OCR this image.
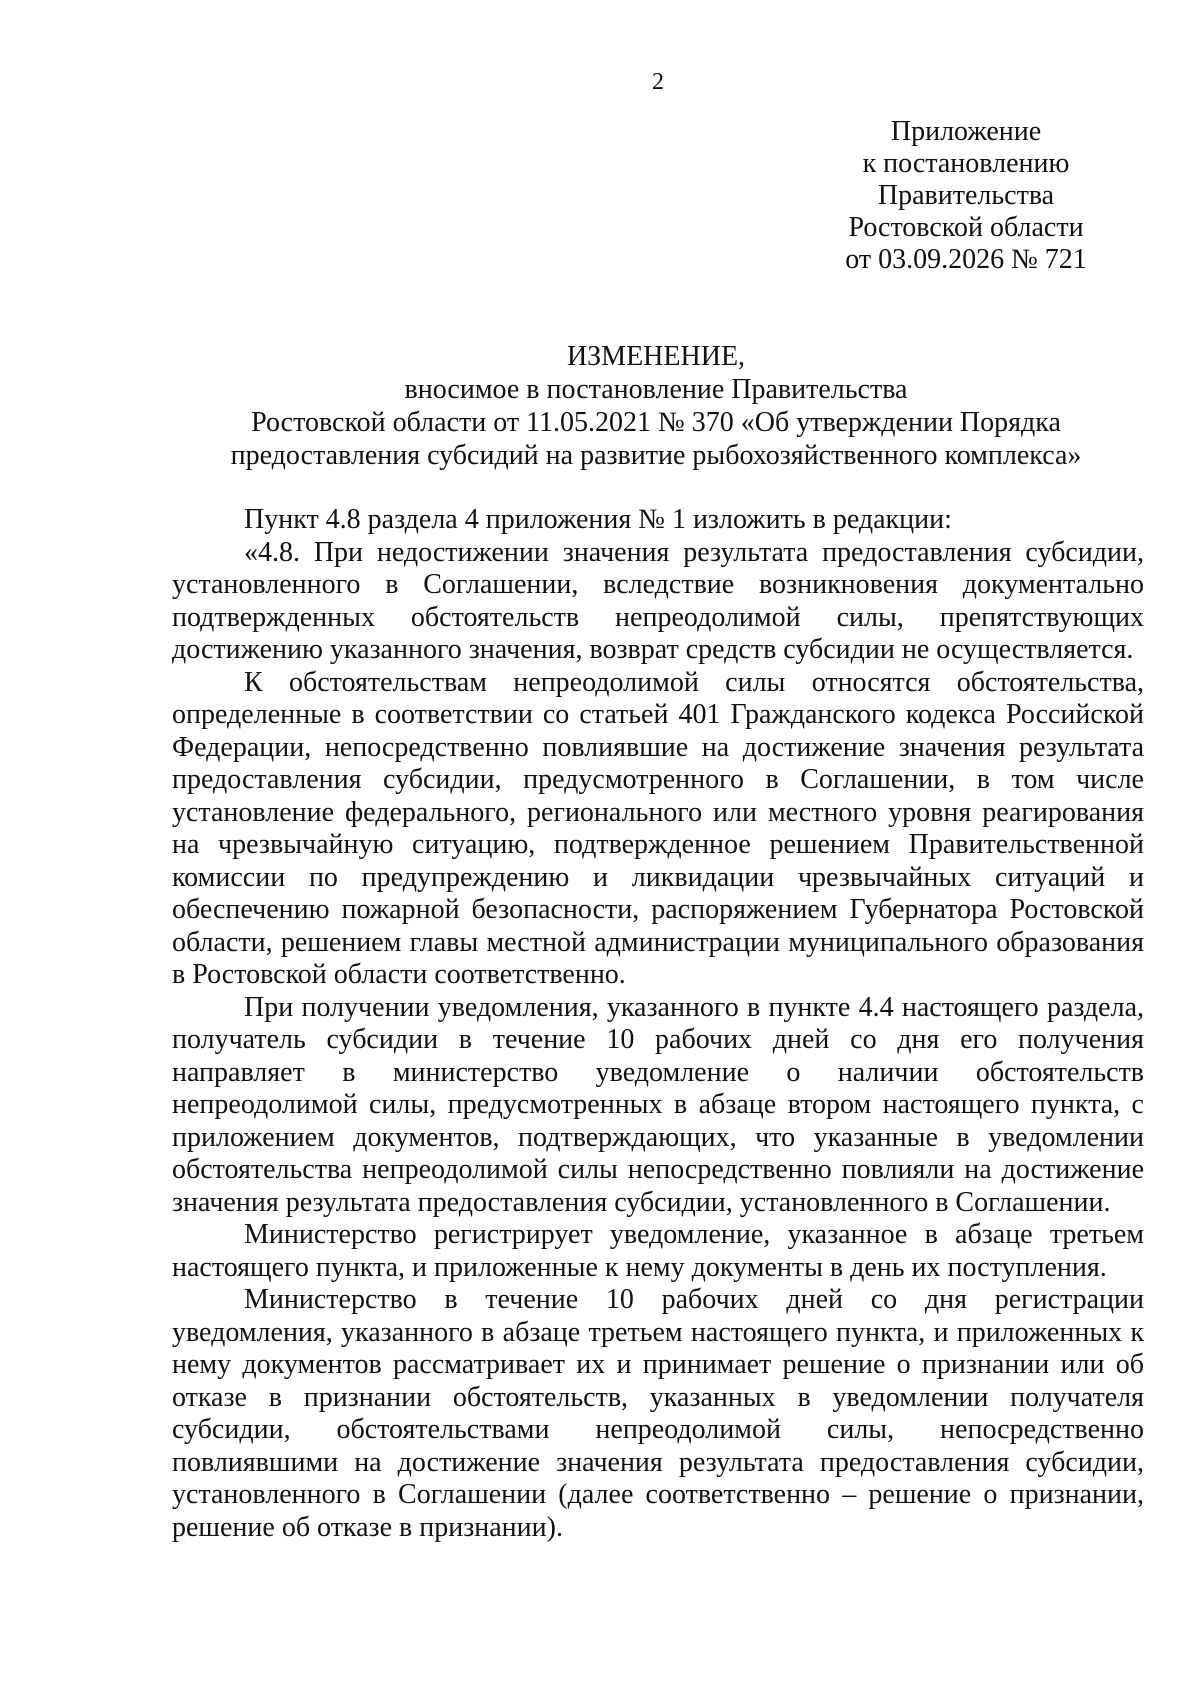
2
Приложение
к постановлению
Правительства
Ростовской области
от 03.09.2026 № 721
ИЗМЕНЕНИЕ,
вносимое в постановление Правительства
Ростовской области от 11.05.2021 № 370 «Об утверждении Порядка
предоставления субсидий на развитие рыбохозяйственного комплекса»

Пункт 4.8 раздела 4 приложения № 1 изложить в редакции:

«4.8. При недостижении значения результата предоставления субсидии, установленного в Соглашении, вследствие возникновения документально подтвержденных обстоятельств непреодолимой силы, препятствующих достижению указанного значения, возврат средств субсидии не осуществляется.

К обстоятельствам непреодолимой силы относятся обстоятельства, определенные в соответствии со статьей 401 Гражданского кодекса Российской Федерации, непосредственно повлиявшие на достижение значения результата предоставления субсидии, предусмотренного в Соглашении, в том числе установление федерального, регионального или местного уровня реагирования на чрезвычайную ситуацию, подтвержденное решением Правительственной комиссии по предупреждению и ликвидации чрезвычайных ситуаций и обеспечению пожарной безопасности, распоряжением Губернатора Ростовской области, решением главы местной администрации муниципального образования в Ростовской области соответственно.

При получении уведомления, указанного в пункте 4.4 настоящего раздела, получатель субсидии в течение 10 рабочих дней со дня его получения направляет в министерство уведомление о наличии обстоятельств непреодолимой силы, предусмотренных в абзаце втором настоящего пункта, с приложением документов, подтверждающих, что указанные в уведомлении обстоятельства непреодолимой силы непосредственно повлияли на достижение значения результата предоставления субсидии, установленного в Соглашении.

Министерство регистрирует уведомление, указанное в абзаце третьем настоящего пункта, и приложенные к нему документы в день их поступления.

Министерство в течение 10 рабочих дней со дня регистрации уведомления, указанного в абзаце третьем настоящего пункта, и приложенных к нему документов рассматривает их и принимает решение о признании или об отказе в признании обстоятельств, указанных в уведомлении получателя субсидии, обстоятельствами непреодолимой силы, непосредственно повлиявшими на достижение значения результата предоставления субсидии, установленного в Соглашении (далее соответственно – решение о признании, решение об отказе в признании).
